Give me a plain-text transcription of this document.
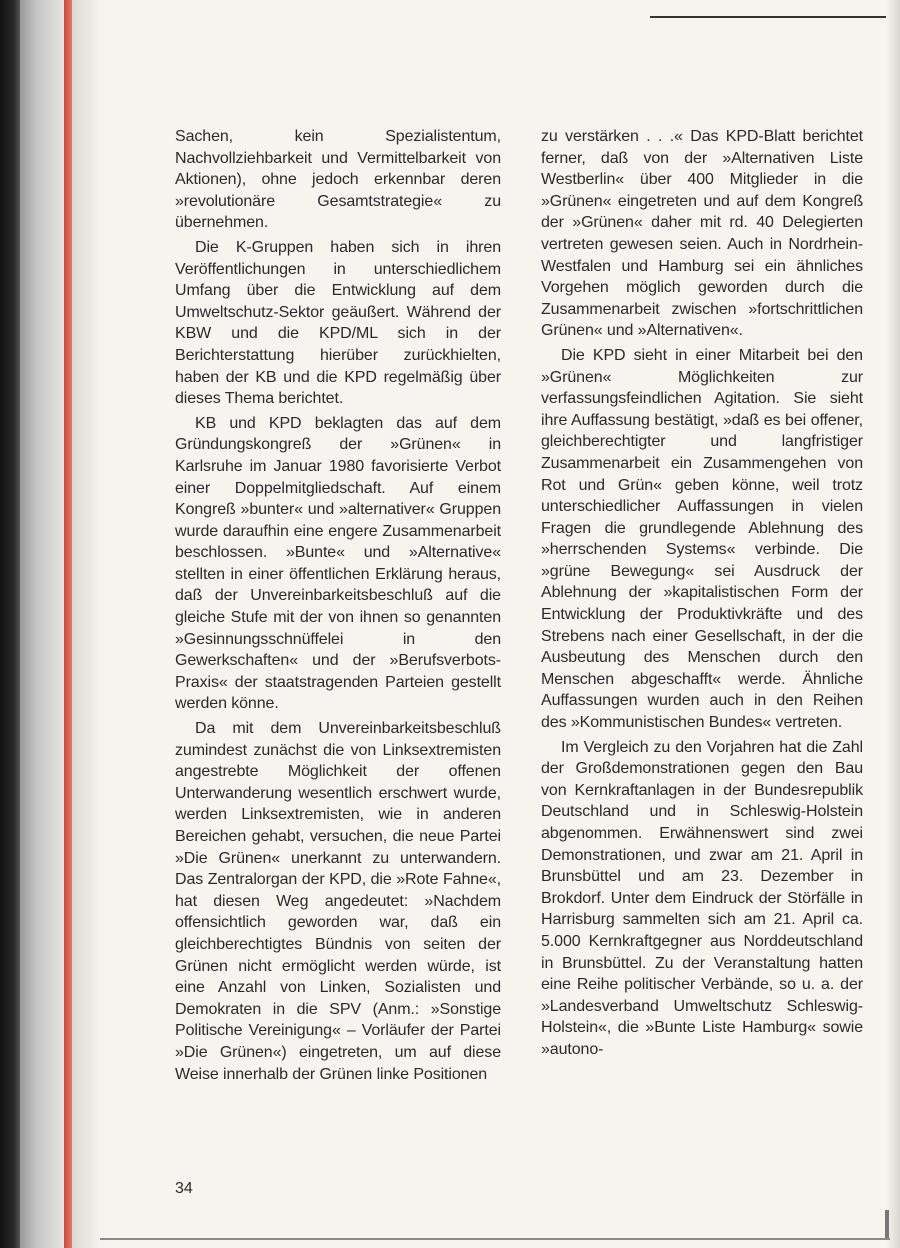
Sachen, kein Spezialistentum, Nachvollziehbarkeit und Vermittelbarkeit von Aktionen), ohne jedoch erkennbar deren »revolutionäre Gesamtstrategie« zu übernehmen.

Die K-Gruppen haben sich in ihren Veröffentlichungen in unterschiedlichem Umfang über die Entwicklung auf dem Umweltschutz-Sektor geäußert. Während der KBW und die KPD/ML sich in der Berichterstattung hierüber zurückhielten, haben der KB und die KPD regelmäßig über dieses Thema berichtet.

KB und KPD beklagten das auf dem Gründungskongreß der »Grünen« in Karlsruhe im Januar 1980 favorisierte Verbot einer Doppelmitgliedschaft. Auf einem Kongreß »bunter« und »alternativer« Gruppen wurde daraufhin eine engere Zusammenarbeit beschlossen. »Bunte« und »Alternative« stellten in einer öffentlichen Erklärung heraus, daß der Unvereinbarkeitsbeschluß auf die gleiche Stufe mit der von ihnen so genannten »Gesinnungsschnüffelei in den Gewerkschaften« und der »Berufsverbots-Praxis« der staatstragenden Parteien gestellt werden könne.

Da mit dem Unvereinbarkeitsbeschluß zumindest zunächst die von Linksextremisten angestrebte Möglichkeit der offenen Unterwanderung wesentlich erschwert wurde, werden Linksextremisten, wie in anderen Bereichen gehabt, versuchen, die neue Partei »Die Grünen« unerkannt zu unterwandern. Das Zentralorgan der KPD, die »Rote Fahne«, hat diesen Weg angedeutet: »Nachdem offensichtlich geworden war, daß ein gleichberechtigtes Bündnis von seiten der Grünen nicht ermöglicht werden würde, ist eine Anzahl von Linken, Sozialisten und Demokraten in die SPV (Anm.: »Sonstige Politische Vereinigung« – Vorläufer der Partei »Die Grünen«) eingetreten, um auf diese Weise innerhalb der Grünen linke Positionen

zu verstärken . . .« Das KPD-Blatt berichtet ferner, daß von der »Alternativen Liste Westberlin« über 400 Mitglieder in die »Grünen« eingetreten und auf dem Kongreß der »Grünen« daher mit rd. 40 Delegierten vertreten gewesen seien. Auch in Nordrhein-Westfalen und Hamburg sei ein ähnliches Vorgehen möglich geworden durch die Zusammenarbeit zwischen »fortschrittlichen Grünen« und »Alternativen«.

Die KPD sieht in einer Mitarbeit bei den »Grünen« Möglichkeiten zur verfassungsfeindlichen Agitation. Sie sieht ihre Auffassung bestätigt, »daß es bei offener, gleichberechtigter und langfristiger Zusammenarbeit ein Zusammengehen von Rot und Grün« geben könne, weil trotz unterschiedlicher Auffassungen in vielen Fragen die grundlegende Ablehnung des »herrschenden Systems« verbinde. Die »grüne Bewegung« sei Ausdruck der Ablehnung der »kapitalistischen Form der Entwicklung der Produktivkräfte und des Strebens nach einer Gesellschaft, in der die Ausbeutung des Menschen durch den Menschen abgeschafft« werde. Ähnliche Auffassungen wurden auch in den Reihen des »Kommunistischen Bundes« vertreten.

Im Vergleich zu den Vorjahren hat die Zahl der Großdemonstrationen gegen den Bau von Kernkraftanlagen in der Bundesrepublik Deutschland und in Schleswig-Holstein abgenommen. Erwähnenswert sind zwei Demonstrationen, und zwar am 21. April in Brunsbüttel und am 23. Dezember in Brokdorf. Unter dem Eindruck der Störfälle in Harrisburg sammelten sich am 21. April ca. 5.000 Kernkraftgegner aus Norddeutschland in Brunsbüttel. Zu der Veranstaltung hatten eine Reihe politischer Verbände, so u. a. der »Landesverband Umweltschutz Schleswig-Holstein«, die »Bunte Liste Hamburg« sowie »autono-

34
